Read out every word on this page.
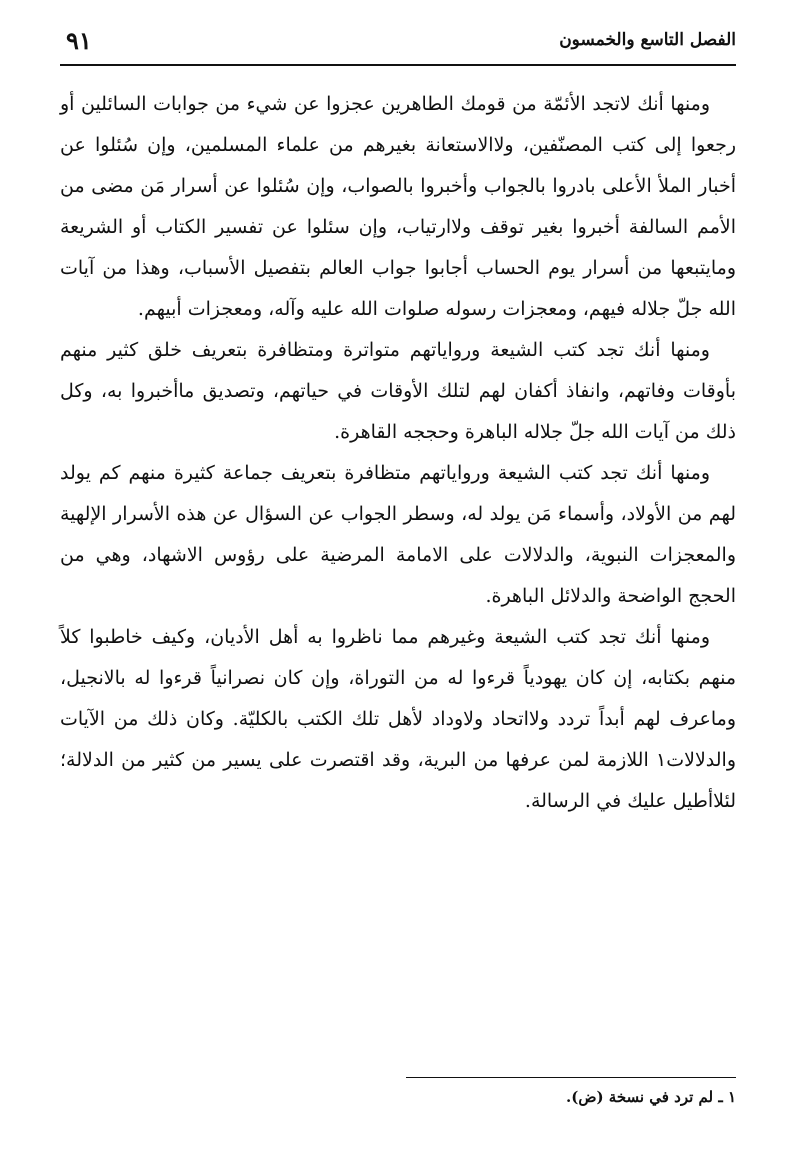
الفصل التاسع والخمسون
٩١

ومنها أنك لاتجد الأئمّة من قومك الطاهرين عجزوا عن شيء من جوابات السائلين أو رجعوا إلى كتب المصنّفين، ولاالاستعانة بغيرهم من علماء المسلمين، وإن سُئلوا عن أخبار الملأ الأعلى بادروا بالجواب وأخبروا بالصواب، وإن سُئلوا عن أسرار مَن مضى من الأمم السالفة أخبروا بغير توقف ولاارتياب، وإن سئلوا عن تفسير الكتاب أو الشريعة ومايتبعها من أسرار يوم الحساب أجابوا جواب العالم بتفصيل الأسباب، وهذا من آيات الله جلّ جلاله فيهم، ومعجزات رسوله صلوات الله عليه وآله، ومعجزات أبيهم.

ومنها أنك تجد كتب الشيعة ورواياتهم متواترة ومتظافرة بتعريف خلق كثير منهم بأوقات وفاتهم، وانفاذ أكفان لهم لتلك الأوقات في حياتهم، وتصديق ماأخبروا به، وكل ذلك من آيات الله جلّ جلاله الباهرة وحججه القاهرة.

ومنها أنك تجد كتب الشيعة ورواياتهم متظافرة بتعريف جماعة كثيرة منهم كم يولد لهم من الأولاد، وأسماء مَن يولد له، وسطر الجواب عن السؤال عن هذه الأسرار الإلهية والمعجزات النبوية، والدلالات على الامامة المرضية على رؤوس الاشهاد، وهي من الحجج الواضحة والدلائل الباهرة.

ومنها أنك تجد كتب الشيعة وغيرهم مما ناظروا به أهل الأديان، وكيف خاطبوا كلاً منهم بكتابه، إن كان يهودياً قرءوا له من التوراة، وإن كان نصرانياً قرءوا له بالانجيل، وماعرف لهم أبداً تردد ولااتحاد ولاوداد لأهل تلك الكتب بالكليّة. وكان ذلك من الآيات والدلالات١ اللازمة لمن عرفها من البرية، وقد اقتصرت على يسير من كثير من الدلالة؛ لئلاأطيل عليك في الرسالة.

١ ـ لم ترد في نسخة (ض).
